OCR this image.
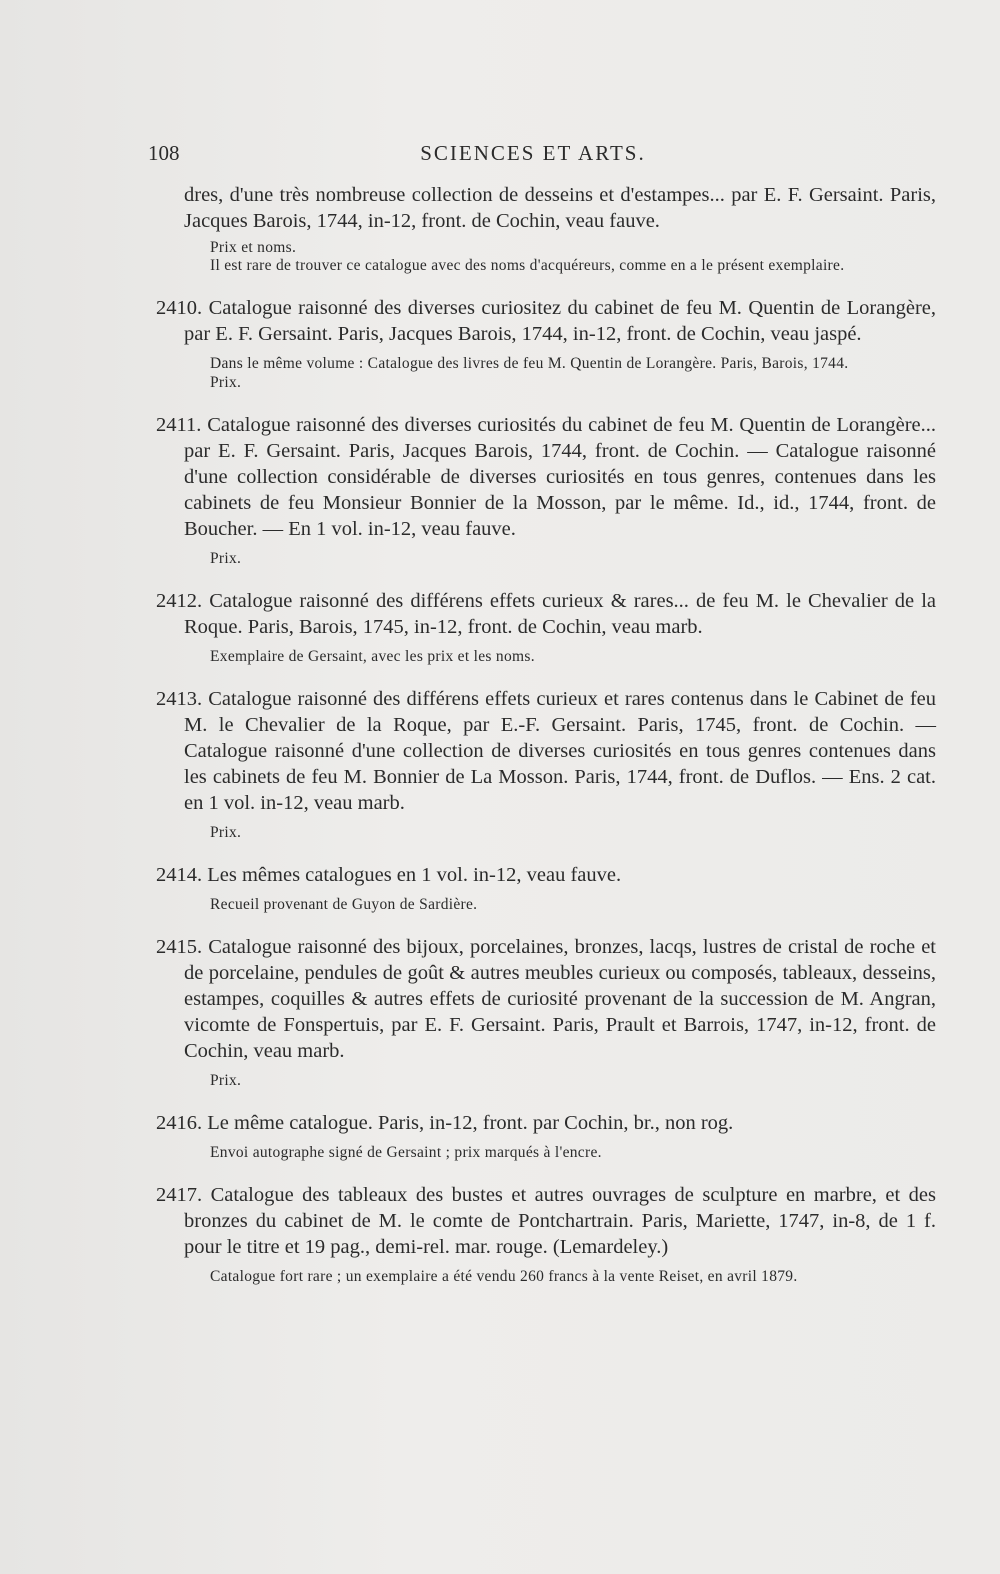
108	SCIENCES ET ARTS.
dres, d'une très nombreuse collection de desseins et d'estampes... par E. F. Gersaint. Paris, Jacques Barois, 1744, in-12, front. de Cochin, veau fauve.
Prix et noms.
Il est rare de trouver ce catalogue avec des noms d'acquéreurs, comme en a le présent exemplaire.
2410. Catalogue raisonné des diverses curiositez du cabinet de feu M. Quentin de Lorangère, par E. F. Gersaint. Paris, Jacques Barois, 1744, in-12, front. de Cochin, veau jaspé.
Dans le même volume : Catalogue des livres de feu M. Quentin de Lorangère. Paris, Barois, 1744.
Prix.
2411. Catalogue raisonné des diverses curiosités du cabinet de feu M. Quentin de Lorangère... par E. F. Gersaint. Paris, Jacques Barois, 1744, front. de Cochin. — Catalogue raisonné d'une collection considérable de diverses curiosités en tous genres, contenues dans les cabinets de feu Monsieur Bonnier de la Mosson, par le même. Id., id., 1744, front. de Boucher. — En 1 vol. in-12, veau fauve.
Prix.
2412. Catalogue raisonné des différens effets curieux & rares... de feu M. le Chevalier de la Roque. Paris, Barois, 1745, in-12, front. de Cochin, veau marb.
Exemplaire de Gersaint, avec les prix et les noms.
2413. Catalogue raisonné des différens effets curieux et rares contenus dans le Cabinet de feu M. le Chevalier de la Roque, par E.-F. Gersaint. Paris, 1745, front. de Cochin. — Catalogue raisonné d'une collection de diverses curiosités en tous genres contenues dans les cabinets de feu M. Bonnier de La Mosson. Paris, 1744, front. de Duflos. — Ens. 2 cat. en 1 vol. in-12, veau marb.
Prix.
2414. Les mêmes catalogues en 1 vol. in-12, veau fauve.
Recueil provenant de Guyon de Sardière.
2415. Catalogue raisonné des bijoux, porcelaines, bronzes, lacqs, lustres de cristal de roche et de porcelaine, pendules de goût & autres meubles curieux ou composés, tableaux, desseins, estampes, coquilles & autres effets de curiosité provenant de la succession de M. Angran, vicomte de Fonspertuis, par E. F. Gersaint. Paris, Prault et Barrois, 1747, in-12, front. de Cochin, veau marb.
Prix.
2416. Le même catalogue. Paris, in-12, front. par Cochin, br., non rog.
Envoi autographe signé de Gersaint ; prix marqués à l'encre.
2417. Catalogue des tableaux des bustes et autres ouvrages de sculpture en marbre, et des bronzes du cabinet de M. le comte de Pontchartrain. Paris, Mariette, 1747, in-8, de 1 f. pour le titre et 19 pag., demi-rel. mar. rouge. (Lemardeley.)
Catalogue fort rare ; un exemplaire a été vendu 260 francs à la vente Reiset, en avril 1879.
